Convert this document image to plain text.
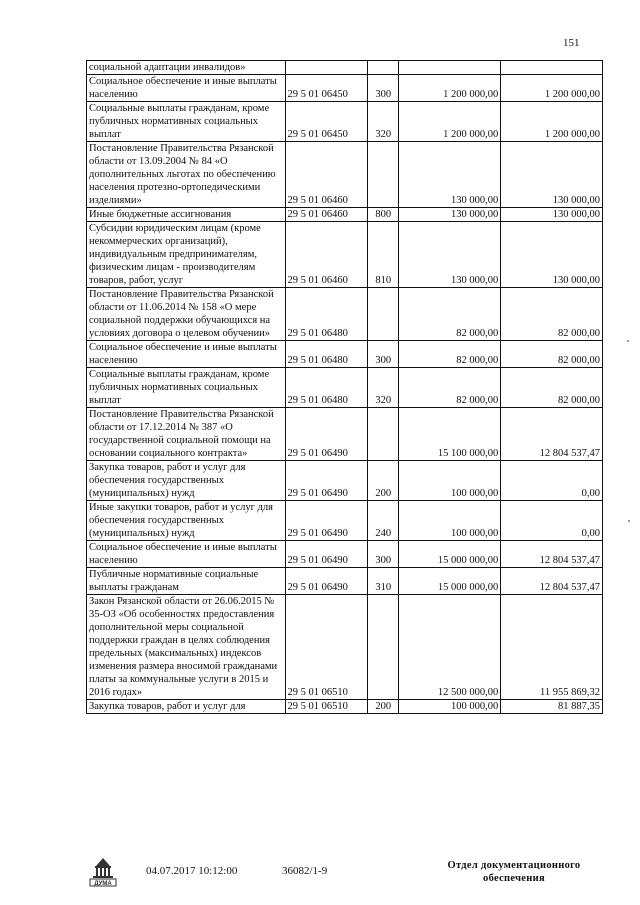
151
социальной адаптации инвалидов»				
Социальное обеспечение и иные выплаты населению	29 5 01 06450	300	1 200 000,00	1 200 000,00
Социальные выплаты гражданам, кроме публичных нормативных социальных выплат	29 5 01 06450	320	1 200 000,00	1 200 000,00
Постановление Правительства Рязанской области от 13.09.2004 № 84 «О дополнительных льготах по обеспечению населения протезно-ортопедическими изделиями»	29 5 01 06460		130 000,00	130 000,00
Иные бюджетные ассигнования	29 5 01 06460	800	130 000,00	130 000,00
Субсидии юридическим лицам (кроме некоммерческих организаций), индивидуальным предпринимателям, физическим лицам - производителям товаров, работ, услуг	29 5 01 06460	810	130 000,00	130 000,00
Постановление Правительства Рязанской области от 11.06.2014 № 158 «О мере социальной поддержки обучающихся на условиях договора о целевом обучении»	29 5 01 06480		82 000,00	82 000,00
Социальное обеспечение и иные выплаты населению	29 5 01 06480	300	82 000,00	82 000,00
Социальные выплаты гражданам, кроме публичных нормативных социальных выплат	29 5 01 06480	320	82 000,00	82 000,00
Постановление Правительства Рязанской области от 17.12.2014 № 387 «О государственной социальной помощи на основании социального контракта»	29 5 01 06490		15 100 000,00	12 804 537,47
Закупка товаров, работ и услуг для обеспечения государственных (муниципальных) нужд	29 5 01 06490	200	100 000,00	0,00
Иные закупки товаров, работ и услуг для обеспечения государственных (муниципальных) нужд	29 5 01 06490	240	100 000,00	0,00
Социальное обеспечение и иные выплаты населению	29 5 01 06490	300	15 000 000,00	12 804 537,47
Публичные нормативные социальные выплаты гражданам	29 5 01 06490	310	15 000 000,00	12 804 537,47
Закон Рязанской области от 26.06.2015 № 35-ОЗ «Об особенностях предоставления дополнительной меры социальной поддержки граждан в целях соблюдения предельных (максимальных) индексов изменения размера вносимой гражданами платы за коммунальные услуги в 2015 и 2016 годах»	29 5 01 06510		12 500 000,00	11 955 869,32
Закупка товаров, работ и услуг для	29 5 01 06510	200	100 000,00	81 887,35
ДУМА
04.07.2017 10:12:00	36082/1-9	Отдел документационного обеспечения
